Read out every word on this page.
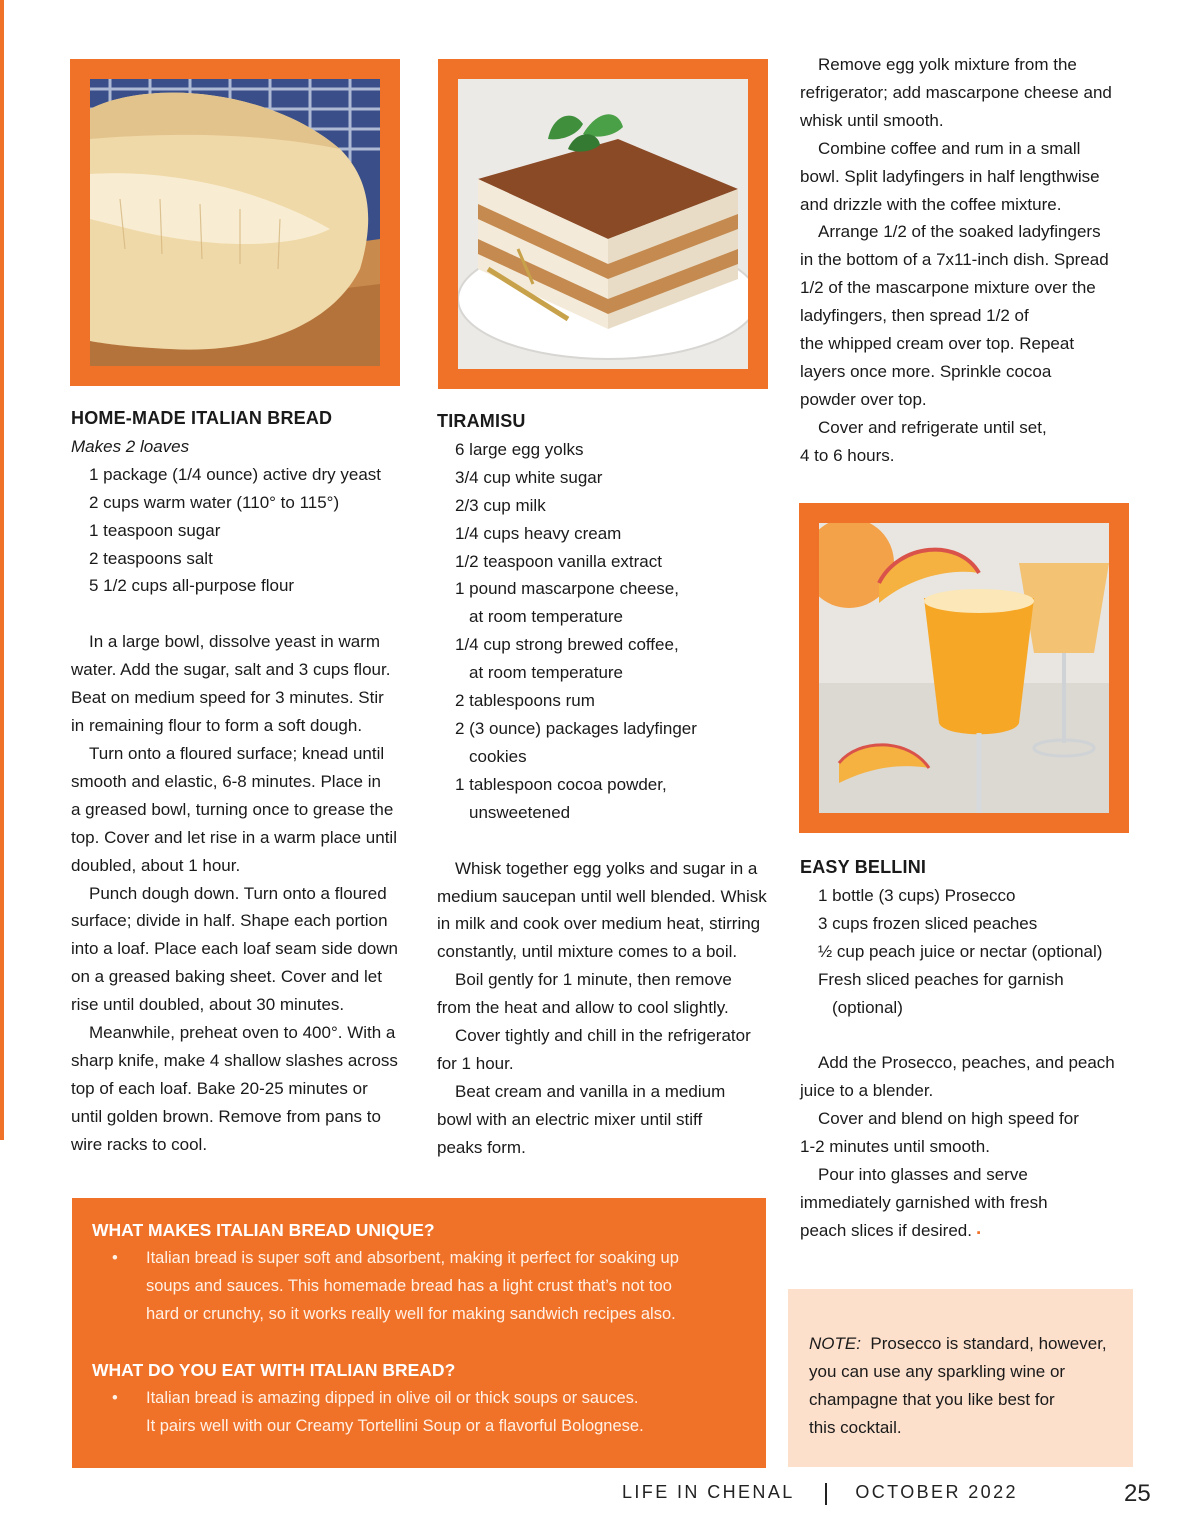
HOME-MADE ITALIAN BREAD

Makes 2 loaves

1 package (1/4 ounce) active dry yeast

2 cups warm water (110° to 115°)

1 teaspoon sugar

2 teaspoons salt

5 1/2 cups all-purpose flour

In a large bowl, dissolve yeast in warm

water. Add the sugar, salt and 3 cups flour.

Beat on medium speed for 3 minutes. Stir

in remaining flour to form a soft dough.

Turn onto a floured surface; knead until

smooth and elastic, 6-8 minutes. Place in

a greased bowl, turning once to grease the

top. Cover and let rise in a warm place until

doubled, about 1 hour.

Punch dough down. Turn onto a floured

surface; divide in half. Shape each portion

into a loaf. Place each loaf seam side down

on a greased baking sheet. Cover and let

rise until doubled, about 30 minutes.

Meanwhile, preheat oven to 400°. With a

sharp knife, make 4 shallow slashes across

top of each loaf. Bake 20-25 minutes or

until golden brown. Remove from pans to

wire racks to cool.

TIRAMISU

6 large egg yolks

3/4 cup white sugar

2/3 cup milk

1/4 cups heavy cream

1/2 teaspoon vanilla extract

1 pound mascarpone cheese,

at room temperature

1/4 cup strong brewed coffee,

at room temperature

2 tablespoons rum

2 (3 ounce) packages ladyfinger

cookies

1 tablespoon cocoa powder,

unsweetened

Whisk together egg yolks and sugar in a

medium saucepan until well blended. Whisk

in milk and cook over medium heat, stirring

constantly, until mixture comes to a boil.

Boil gently for 1 minute, then remove

from the heat and allow to cool slightly.

Cover tightly and chill in the refrigerator

for 1 hour.

Beat cream and vanilla in a medium

bowl with an electric mixer until stiff

peaks form.

Remove egg yolk mixture from the

refrigerator; add mascarpone cheese and

whisk until smooth.

Combine coffee and rum in a small

bowl. Split ladyfingers in half lengthwise

and drizzle with the coffee mixture.

Arrange 1/2 of the soaked ladyfingers

in the bottom of a 7x11-inch dish. Spread

1/2 of the mascarpone mixture over the

ladyfingers, then spread 1/2 of

the whipped cream over top. Repeat

layers once more. Sprinkle cocoa

powder over top.

Cover and refrigerate until set,

4 to 6 hours.

EASY BELLINI

1 bottle (3 cups) Prosecco

3 cups frozen sliced peaches

½ cup peach juice or nectar (optional)

Fresh sliced peaches for garnish

(optional)

Add the Prosecco, peaches, and peach

juice to a blender.

Cover and blend on high speed for

1-2 minutes until smooth.

Pour into glasses and serve

immediately garnished with fresh

peach slices if desired. ▪

WHAT MAKES ITALIAN BREAD UNIQUE?

•	Italian bread is super soft and absorbent, making it perfect for soaking up
soups and sauces. This homemade bread has a light crust that’s not too
hard or crunchy, so it works really well for making sandwich recipes also.

WHAT DO YOU EAT WITH ITALIAN BREAD?

•	Italian bread is amazing dipped in olive oil or thick soups or sauces.
It pairs well with our Creamy Tortellini Soup or a flavorful Bolognese.
NOTE: Prosecco is standard, however,
you can use any sparkling wine or
champagne that you like best for
this cocktail.
LIFE IN CHENAL	OCTOBER 2022	25
